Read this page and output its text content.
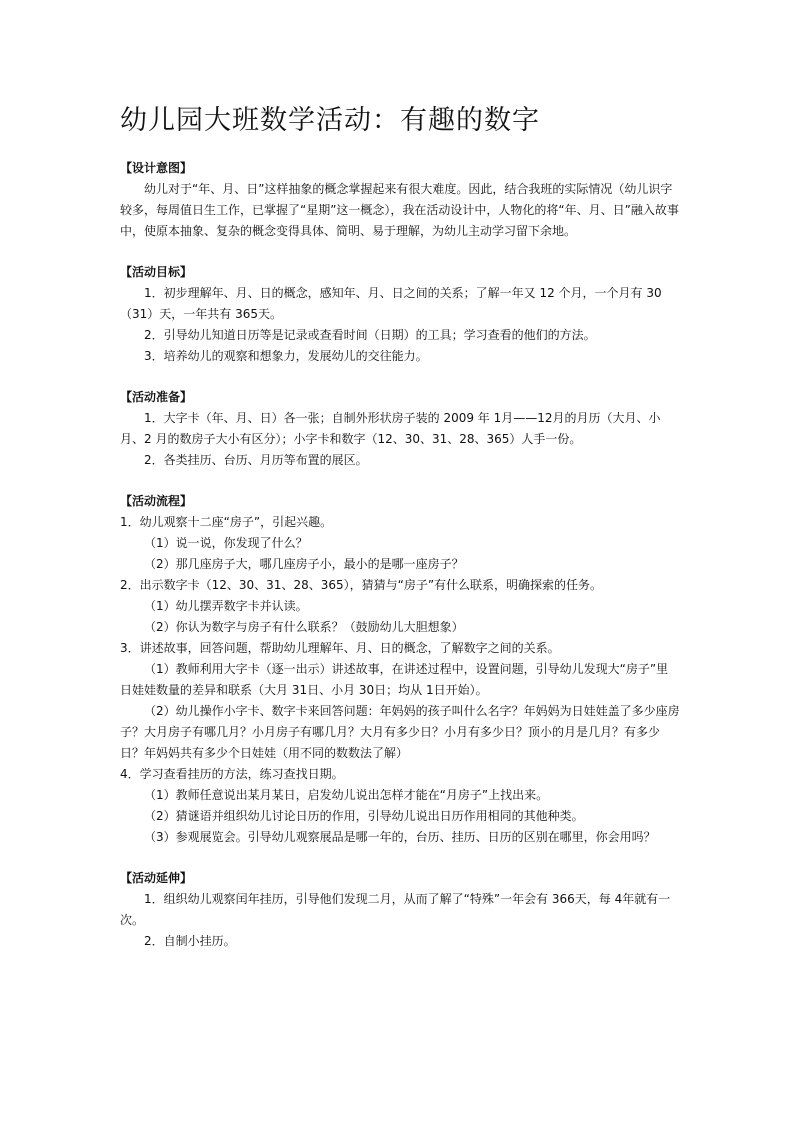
幼儿园大班数学活动：有趣的数字

【设计意图】

幼儿对于“年、月、日”这样抽象的概念掌握起来有很大难度。因此，结合我班的实际情况（幼儿识字较多，每周值日生工作，已掌握了“星期”这一概念），我在活动设计中，人物化的将“年、月、日”融入故事中，使原本抽象、复杂的概念变得具体、简明、易于理解，为幼儿主动学习留下余地。

【活动目标】

1．初步理解年、月、日的概念，感知年、月、日之间的关系；了解一年又 12 个月，一个月有 30（31）天，一年共有 365天。

2．引导幼儿知道日历等是记录或查看时间（日期）的工具；学习查看的他们的方法。

3．培养幼儿的观察和想象力，发展幼儿的交往能力。

【活动准备】

1．大字卡（年、月、日）各一张；自制外形状房子装的 2009 年 1月——12月的月历（大月、小月、2 月的数房子大小有区分）；小字卡和数字（12、30、31、28、365）人手一份。

2．各类挂历、台历、月历等布置的展区。

【活动流程】

1．幼儿观察十二座“房子”，引起兴趣。

（1）说一说，你发现了什么？

（2）那几座房子大，哪几座房子小，最小的是哪一座房子？

2．出示数字卡（12、30、31、28、365），猜猜与“房子”有什么联系，明确探索的任务。

（1）幼儿摆弄数字卡并认读。

（2）你认为数字与房子有什么联系？（鼓励幼儿大胆想象）

3．讲述故事，回答问题，帮助幼儿理解年、月、日的概念，了解数字之间的关系。

（1）教师利用大字卡（逐一出示）讲述故事，在讲述过程中，设置问题，引导幼儿发现大“房子”里日娃娃数量的差异和联系（大月 31日、小月 30日；均从 1日开始）。

（2）幼儿操作小字卡、数字卡来回答问题：年妈妈的孩子叫什么名字？年妈妈为日娃娃盖了多少座房子？大月房子有哪几月？小月房子有哪几月？大月有多少日？小月有多少日？顶小的月是几月？有多少日？年妈妈共有多少个日娃娃（用不同的数数法了解）

4．学习查看挂历的方法，练习查找日期。

（1）教师任意说出某月某日，启发幼儿说出怎样才能在“月房子”上找出来。

（2）猜谜语并组织幼儿讨论日历的作用，引导幼儿说出日历作用相同的其他种类。

（3）参观展览会。引导幼儿观察展品是哪一年的，台历、挂历、日历的区别在哪里，你会用吗？

【活动延伸】

1．组织幼儿观察闰年挂历，引导他们发现二月，从而了解了“特殊”一年会有 366天，每 4年就有一次。

2．自制小挂历。
